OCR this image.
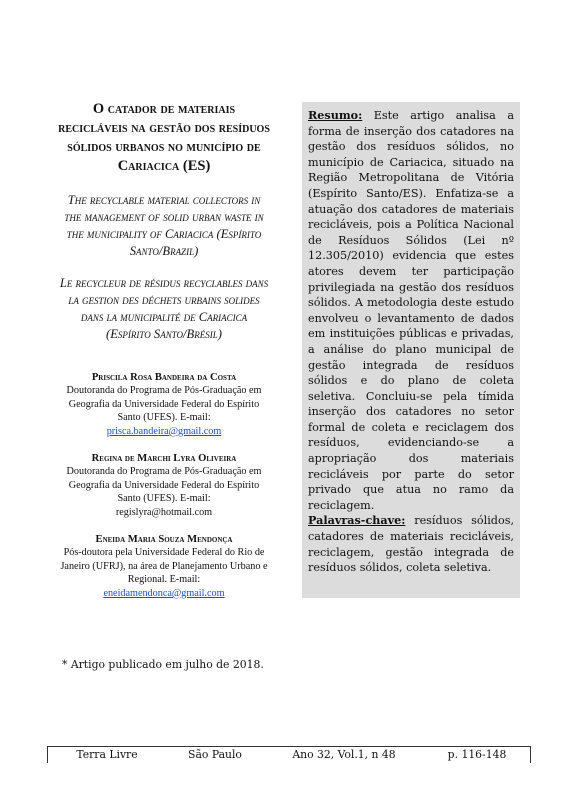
O catador de materiais recicláveis na gestão dos resíduos sólidos urbanos no município de Cariacica (ES)

The recyclable material collectors in the management of solid urban waste in the municipality of Cariacica (Espírito Santo/Brazil)

Le recycleur de résidus recyclables dans la gestion des déchets urbains solides dans la municipalité de Cariacica (Espírito Santo/Brésil)

Priscila Rosa Bandeira da Costa
Doutoranda do Programa de Pós-Graduação em Geografia da Universidade Federal do Espírito Santo (UFES). E-mail:
prisca.bandeira@gmail.com
Regina de Marchi Lyra Oliveira
Doutoranda do Programa de Pós-Graduação em Geografia da Universidade Federal do Espírito Santo (UFES). E-mail:
regislyra@hotmail.com
Eneida Maria Souza Mendonça
Pós-doutora pela Universidade Federal do Rio de Janeiro (UFRJ), na área de Planejamento Urbano e Regional. E-mail:
eneidamendonca@gmail.com
* Artigo publicado em julho de 2018.
Resumo: Este artigo analisa a forma de inserção dos catadores na gestão dos resíduos sólidos, no município de Cariacica, situado na Região Metropolitana de Vitória (Espírito Santo/ES). Enfatiza-se a atuação dos catadores de materiais recicláveis, pois a Política Nacional de Resíduos Sólidos (Lei nº 12.305/2010) evidencia que estes atores devem ter participação privilegiada na gestão dos resíduos sólidos. A metodologia deste estudo envolveu o levantamento de dados em instituições públicas e privadas, a análise do plano municipal de gestão integrada de resíduos sólidos e do plano de coleta seletiva. Concluiu-se pela tímida inserção dos catadores no setor formal de coleta e reciclagem dos resíduos, evidenciando-se a apropriação dos materiais recicláveis por parte do setor privado que atua no ramo da reciclagem.
Palavras-chave: resíduos sólidos, catadores de materiais recicláveis, reciclagem, gestão integrada de resíduos sólidos, coleta seletiva.
Terra Livre	São Paulo	Ano 32, Vol.1, n 48	p. 116-148
